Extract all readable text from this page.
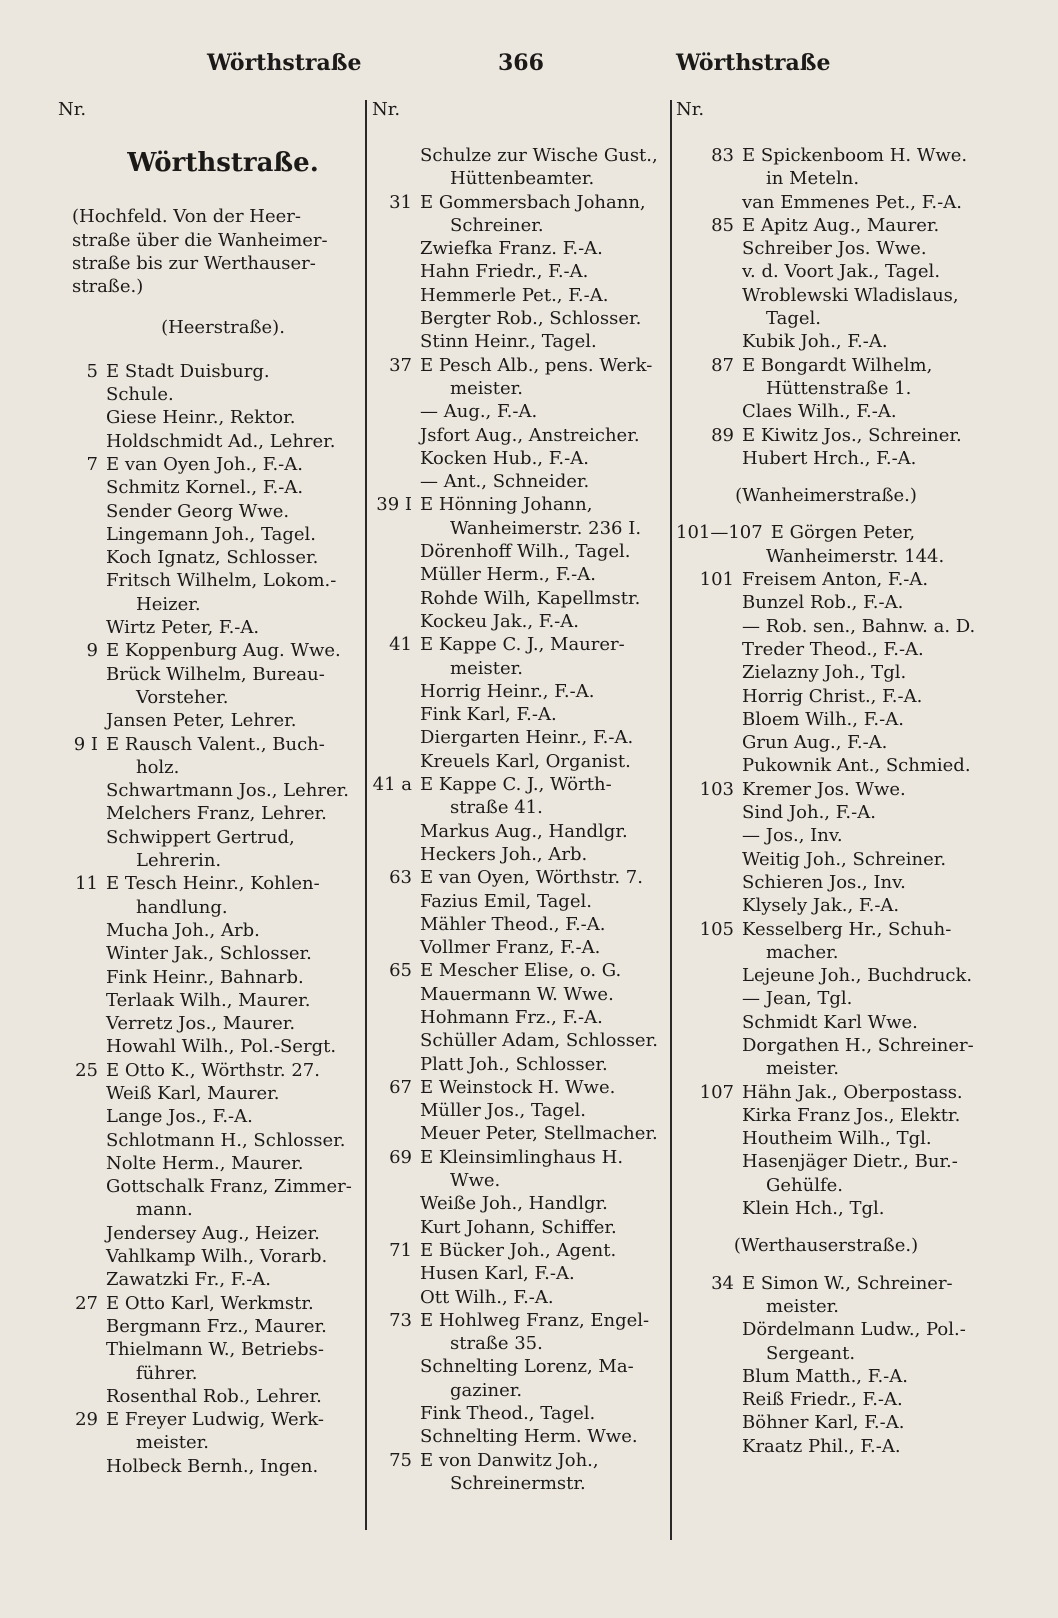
Wörthstraße	366	Wörthstraße
Nr.
Wörthstraße.
(Hochfeld. Von der Heer-
straße über die Wanheimer-
straße bis zur Werthauser-
straße.)
(Heerstraße).
5 E Stadt Duisburg.
Schule.
Giese Heinr., Rektor.
Holdschmidt Ad., Lehrer.
7 E van Oyen Joh., F.-A.
Schmitz Kornel., F.-A.
Sender Georg Wwe.
Lingemann Joh., Tagel.
Koch Ignatz, Schlosser.
Fritsch Wilhelm, Lokom.-
Heizer.
Wirtz Peter, F.-A.
9 E Koppenburg Aug. Wwe.
Brück Wilhelm, Bureau-
Vorsteher.
Jansen Peter, Lehrer.
9 I E Rausch Valent., Buch-
holz.
Schwartmann Jos., Lehrer.
Melchers Franz, Lehrer.
Schwippert Gertrud,
Lehrerin.
11 E Tesch Heinr., Kohlen-
handlung.
Mucha Joh., Arb.
Winter Jak., Schlosser.
Fink Heinr., Bahnarb.
Terlaak Wilh., Maurer.
Verretz Jos., Maurer.
Howahl Wilh., Pol.-Sergt.
25 E Otto K., Wörthstr. 27.
Weiß Karl, Maurer.
Lange Jos., F.-A.
Schlotmann H., Schlosser.
Nolte Herm., Maurer.
Gottschalk Franz, Zimmer-
mann.
Jendersey Aug., Heizer.
Vahlkamp Wilh., Vorarb.
Zawatzki Fr., F.-A.
27 E Otto Karl, Werkmstr.
Bergmann Frz., Maurer.
Thielmann W., Betriebs-
führer.
Rosenthal Rob., Lehrer.
29 E Freyer Ludwig, Werk-
meister.
Holbeck Bernh., Ingen.
Nr.
Schulze zur Wische Gust.,
Hüttenbeamter.
31 E Gommersbach Johann,
Schreiner.
Zwiefka Franz. F.-A.
Hahn Friedr., F.-A.
Hemmerle Pet., F.-A.
Bergter Rob., Schlosser.
Stinn Heinr., Tagel.
37 E Pesch Alb., pens. Werk-
meister.
— Aug., F.-A.
Jsfort Aug., Anstreicher.
Kocken Hub., F.-A.
— Ant., Schneider.
39 I E Hönning Johann,
Wanheimerstr. 236 I.
Dörenhoff Wilh., Tagel.
Müller Herm., F.-A.
Rohde Wilh, Kapellmstr.
Kockeu Jak., F.-A.
41 E Kappe C. J., Maurer-
meister.
Horrig Heinr., F.-A.
Fink Karl, F.-A.
Diergarten Heinr., F.-A.
Kreuels Karl, Organist.
41 a E Kappe C. J., Wörth-
straße 41.
Markus Aug., Handlgr.
Heckers Joh., Arb.
63 E van Oyen, Wörthstr. 7.
Fazius Emil, Tagel.
Mähler Theod., F.-A.
Vollmer Franz, F.-A.
65 E Mescher Elise, o. G.
Mauermann W. Wwe.
Hohmann Frz., F.-A.
Schüller Adam, Schlosser.
Platt Joh., Schlosser.
67 E Weinstock H. Wwe.
Müller Jos., Tagel.
Meuer Peter, Stellmacher.
69 E Kleinsimlinghaus H.
Wwe.
Weiße Joh., Handlgr.
Kurt Johann, Schiffer.
71 E Bücker Joh., Agent.
Husen Karl, F.-A.
Ott Wilh., F.-A.
73 E Hohlweg Franz, Engel-
straße 35.
Schnelting Lorenz, Ma-
gaziner.
Fink Theod., Tagel.
Schnelting Herm. Wwe.
75 E von Danwitz Joh.,
Schreinermstr.
Nr.
83 E Spickenboom H. Wwe.
in Meteln.
van Emmenes Pet., F.-A.
85 E Apitz Aug., Maurer.
Schreiber Jos. Wwe.
v. d. Voort Jak., Tagel.
Wroblewski Wladislaus,
Tagel.
Kubik Joh., F.-A.
87 E Bongardt Wilhelm,
Hüttenstraße 1.
Claes Wilh., F.-A.
89 E Kiwitz Jos., Schreiner.
Hubert Hrch., F.-A.
(Wanheimerstraße.)
101—107 E Görgen Peter,
Wanheimerstr. 144.
101 Freisem Anton, F.-A.
Bunzel Rob., F.-A.
— Rob. sen., Bahnw. a. D.
Treder Theod., F.-A.
Zielazny Joh., Tgl.
Horrig Christ., F.-A.
Bloem Wilh., F.-A.
Grun Aug., F.-A.
Pukownik Ant., Schmied.
103 Kremer Jos. Wwe.
Sind Joh., F.-A.
— Jos., Inv.
Weitig Joh., Schreiner.
Schieren Jos., Inv.
Klysely Jak., F.-A.
105 Kesselberg Hr., Schuh-
macher.
Lejeune Joh., Buchdruck.
— Jean, Tgl.
Schmidt Karl Wwe.
Dorgathen H., Schreiner-
meister.
107 Hähn Jak., Oberpostass.
Kirka Franz Jos., Elektr.
Houtheim Wilh., Tgl.
Hasenjäger Dietr., Bur.-
Gehülfe.
Klein Hch., Tgl.
(Werthauserstraße.)
34 E Simon W., Schreiner-
meister.
Dördelmann Ludw., Pol.-
Sergeant.
Blum Matth., F.-A.
Reiß Friedr., F.-A.
Böhner Karl, F.-A.
Kraatz Phil., F.-A.
